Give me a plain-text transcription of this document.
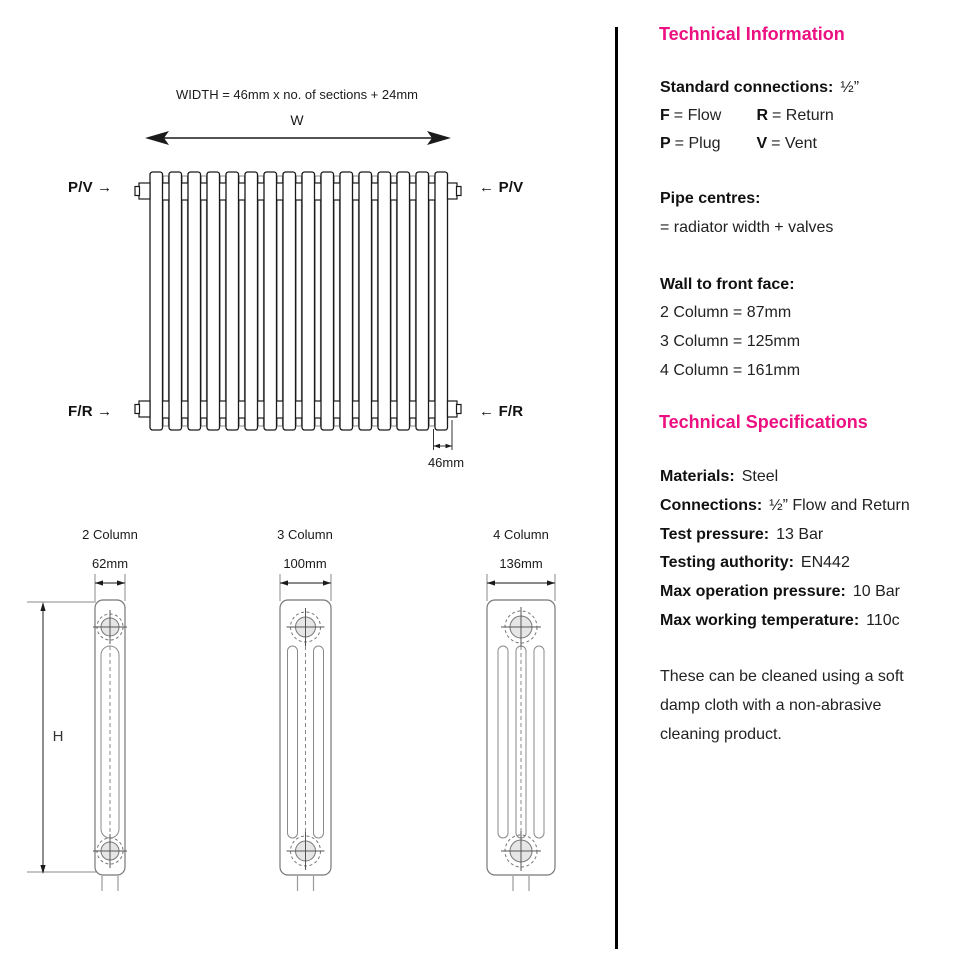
WIDTH = 46mm x no. of sections + 24mm
W
P/V →	← P/V
F/R →	← F/R
46mm
2 Column
62mm
3 Column
100mm
4 Column
136mm
H
Technical Information
Standard connections: ½”
F = Flow R = Return
P = Plug V = Vent
Pipe centres:
= radiator width + valves
Wall to front face:
2 Column = 87mm
3 Column = 125mm
4 Column = 161mm
Technical Specifications
Materials: Steel
Connections: ½” Flow and Return
Test pressure: 13 Bar
Testing authority: EN442
Max operation pressure: 10 Bar
Max working temperature: 110c
These can be cleaned using a soft damp cloth with a non-abrasive cleaning product.
